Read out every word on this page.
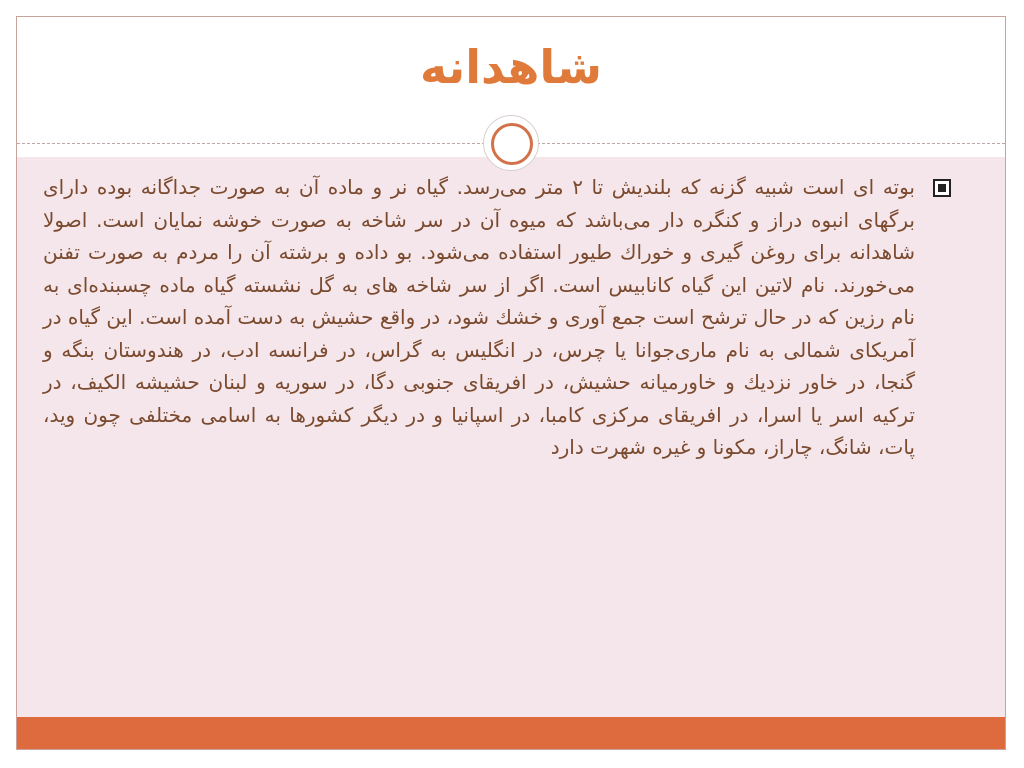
شاهدانه

بوته ای است شبیه گزنه که بلندیش تا ۲ متر می‌رسد. گیاه نر و ماده آن به صورت جداگانه بوده دارای برگهای انبوه دراز و کنگره دار می‌باشد که میوه آن در سر شاخه به صورت خوشه نمایان است. اصولا شاهدانه برای روغن گیری و خوراك طیور استفاده می‌شود. بو داده و برشته آن را مردم به صورت تفنن می‌خورند. نام لاتین این گیاه کانابیس است. اگر از سر شاخه های به گل نشسته گیاه ماده چسبنده‌ای به نام رزین که در حال ترشح است جمع آوری و خشك شود، در واقع حشیش به دست آمده است. این گیاه در آمریکای شمالی به نام ماری‌جوانا یا چرس، در انگلیس به گراس، در فرانسه ادب، در هندوستان بنگه و گنجا، در خاور نزدیك و خاورمیانه حشیش، در افریقای جنوبی دگا، در سوریه و لبنان حشیشه الکیف، در ترکیه اسر یا اسرا، در افریقای مرکزی کامبا، در اسپانیا و در دیگر کشورها به اسامی مختلفی چون وید، پات، شانگ، چاراز، مکونا و غیره شهرت دارد
